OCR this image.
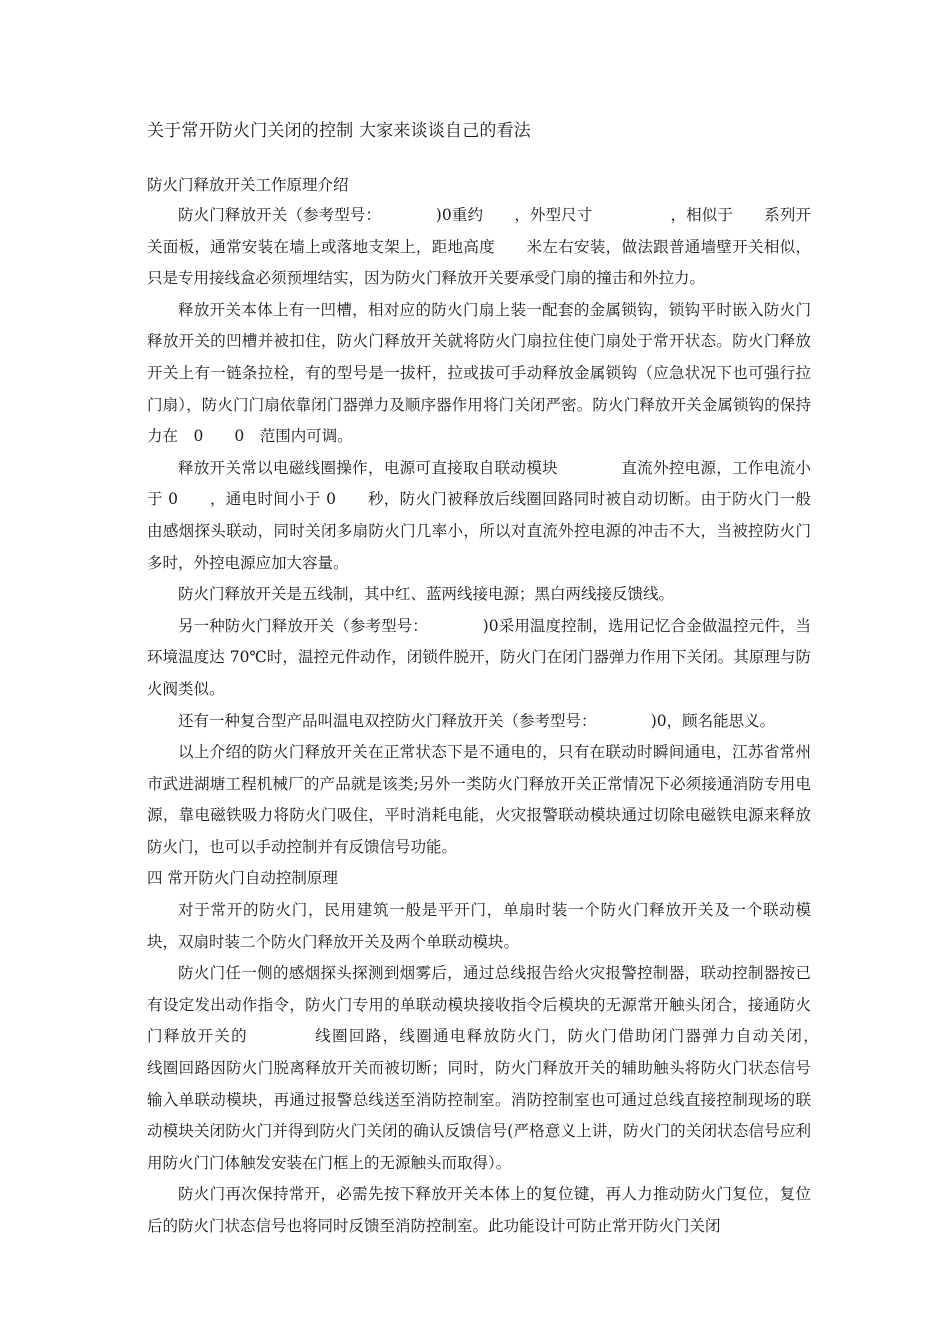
关于常开防火门关闭的控制 大家来谈谈自己的看法
防火门释放开关工作原理介绍

防火门释放开关（参考型号：　　　　)0重约　　，外型尺寸　　　　　，相似于　　系列开关面板，通常安装在墙上或落地支架上，距地高度　　米左右安装，做法跟普通墙壁开关相似，只是专用接线盒必须预埋结实，因为防火门释放开关要承受门扇的撞击和外拉力。

释放开关本体上有一凹槽，相对应的防火门扇上装一配套的金属锁钩，锁钩平时嵌入防火门释放开关的凹槽并被扣住，防火门释放开关就将防火门扇拉住使门扇处于常开状态。防火门释放开关上有一链条拉栓，有的型号是一拔杆，拉或拔可手动释放金属锁钩（应急状况下也可强行拉门扇），防火门门扇依靠闭门器弹力及顺序器作用将门关闭严密。防火门释放开关金属锁钩的保持力在　0　　0　范围内可调。

释放开关常以电磁线圈操作，电源可直接取自联动模块　　　　直流外控电源，工作电流小于 0　　，通电时间小于 0　　秒，防火门被释放后线圈回路同时被自动切断。由于防火门一般由感烟探头联动，同时关闭多扇防火门几率小，所以对直流外控电源的冲击不大，当被控防火门多时，外控电源应加大容量。

防火门释放开关是五线制，其中红、蓝两线接电源；黑白两线接反馈线。

另一种防火门释放开关（参考型号：　　　　)0采用温度控制，选用记忆合金做温控元件，当环境温度达 70℃时，温控元件动作，闭锁件脱开，防火门在闭门器弹力作用下关闭。其原理与防火阀类似。

还有一种复合型产品叫温电双控防火门释放开关（参考型号：　　　　)0，顾名能思义。

以上介绍的防火门释放开关在正常状态下是不通电的，只有在联动时瞬间通电，江苏省常州市武进湖塘工程机械厂的产品就是该类;另外一类防火门释放开关正常情况下必须接通消防专用电源，靠电磁铁吸力将防火门吸住，平时消耗电能，火灾报警联动模块通过切除电磁铁电源来释放防火门，也可以手动控制并有反馈信号功能。

四 常开防火门自动控制原理

对于常开的防火门，民用建筑一般是平开门，单扇时装一个防火门释放开关及一个联动模块，双扇时装二个防火门释放开关及两个单联动模块。

防火门任一侧的感烟探头探测到烟雾后，通过总线报告给火灾报警控制器，联动控制器按已有设定发出动作指令，防火门专用的单联动模块接收指令后模块的无源常开触头闭合，接通防火门释放开关的　　　　线圈回路，线圈通电释放防火门，防火门借助闭门器弹力自动关闭，　　　　线圈回路因防火门脱离释放开关而被切断；同时，防火门释放开关的辅助触头将防火门状态信号输入单联动模块，再通过报警总线送至消防控制室。消防控制室也可通过总线直接控制现场的联动模块关闭防火门并得到防火门关闭的确认反馈信号(严格意义上讲，防火门的关闭状态信号应利用防火门门体触发安装在门框上的无源触头而取得）。

防火门再次保持常开，必需先按下释放开关本体上的复位键，再人力推动防火门复位，复位后的防火门状态信号也将同时反馈至消防控制室。此功能设计可防止常开防火门关闭
